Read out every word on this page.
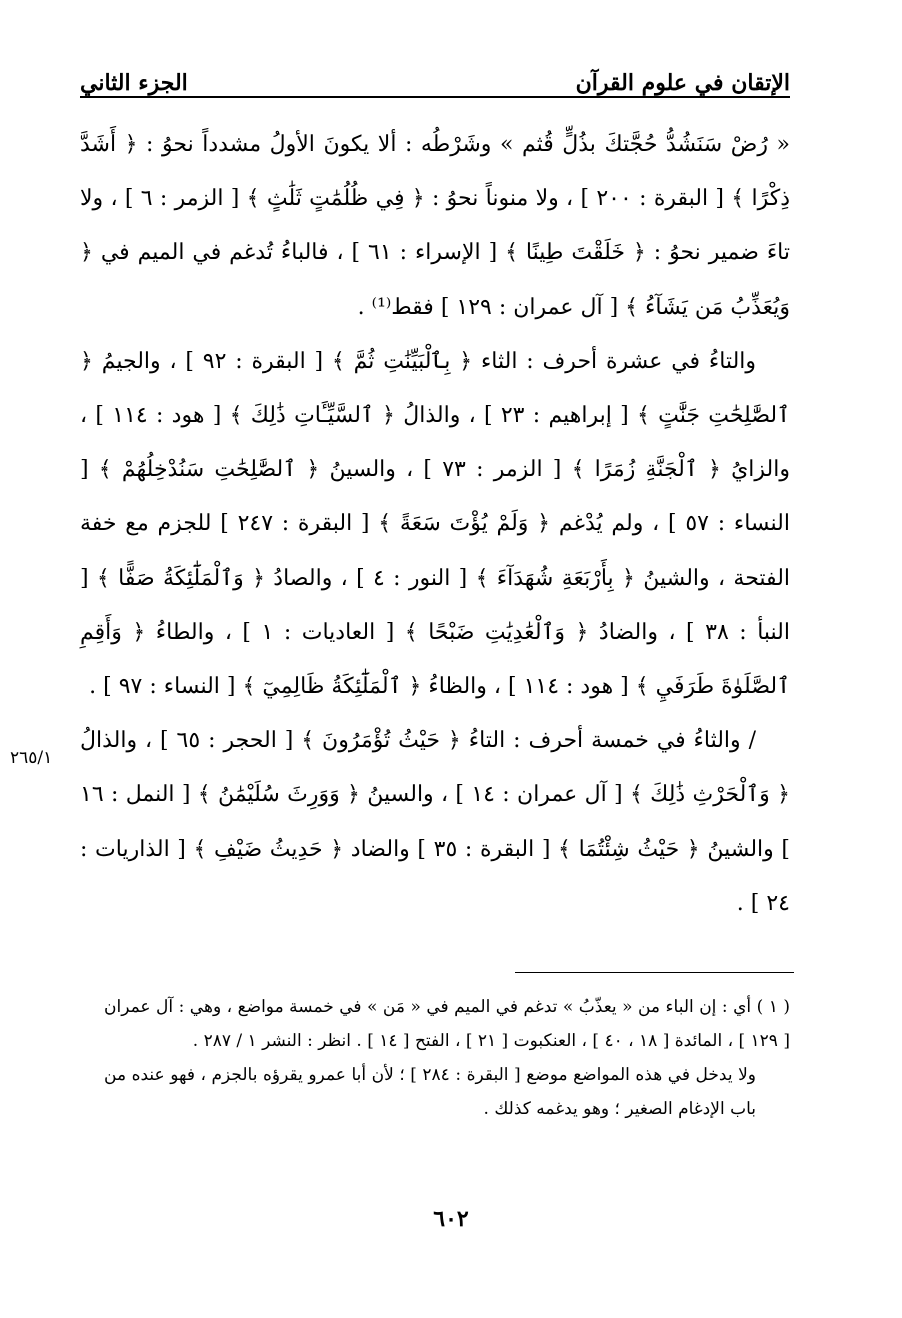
الإتقان في علوم القرآن
الجزء الثاني

« رُضْ سَنَشُدُّ حُجَّتكَ بذُلٍّ قُثم » وشَرْطُه : ألا يكونَ الأولُ مشدداً نحوُ : ﴿ أَشَدَّ ذِكْرًا ﴾ [ البقرة : ٢٠٠ ] ، ولا منوناً نحوُ : ﴿ فِي ظُلُمَٰتٍ ثَلَٰثٍ ﴾ [ الزمر : ٦ ] ، ولا تاءَ ضمير نحوُ : ﴿ خَلَقْتَ طِينًا ﴾ [ الإسراء : ٦١ ] ، فالباءُ تُدغم في الميم في ﴿ وَيُعَذِّبُ مَن يَشَآءُ ﴾ [ آل عمران : ١٢٩ ] فقط⁽¹⁾ .

والتاءُ في عشرة أحرف : الثاء ﴿ بِٱلْبَيِّنَٰتِ ثُمَّ ﴾ [ البقرة : ٩٢ ] ، والجيمُ ﴿ ٱلصَّٰلِحَٰتِ جَنَّٰتٍ ﴾ [ إبراهيم : ٢٣ ] ، والذالُ ﴿ ٱلسَّيِّـَٔاتِ ذَٰلِكَ ﴾ [ هود : ١١٤ ] ، والزايُ ﴿ ٱلْجَنَّةِ زُمَرًا ﴾ [ الزمر : ٧٣ ] ، والسينُ ﴿ ٱلصَّٰلِحَٰتِ سَنُدْخِلُهُمْ ﴾ [ النساء : ٥٧ ] ، ولم يُدْغم ﴿ وَلَمْ يُؤْتَ سَعَةً ﴾ [ البقرة : ٢٤٧ ] للجزم مع خفة الفتحة ، والشينُ ﴿ بِأَرْبَعَةِ شُهَدَآءَ ﴾ [ النور : ٤ ] ، والصادُ ﴿ وَٱلْمَلَٰٓئِكَةُ صَفًّا ﴾ [ النبأ : ٣٨ ] ، والضادُ ﴿ وَٱلْعَٰدِيَٰتِ ضَبْحًا ﴾ [ العاديات : ١ ] ، والطاءُ ﴿ وَأَقِمِ ٱلصَّلَوٰةَ طَرَفَيِ ﴾ [ هود : ١١٤ ] ، والظاءُ ﴿ ٱلْمَلَٰٓئِكَةُ ظَالِمِيٓ ﴾ [ النساء : ٩٧ ] .

/ والثاءُ في خمسة أحرف : التاءُ ﴿ حَيْثُ تُؤْمَرُونَ ﴾ [ الحجر : ٦٥ ] ، والذالُ ﴿ وَٱلْحَرْثِ ذَٰلِكَ ﴾ [ آل عمران : ١٤ ] ، والسينُ ﴿ وَوَرِثَ سُلَيْمَٰنُ ﴾ [ النمل : ١٦ ] والشينُ ﴿ حَيْثُ شِئْتُمَا ﴾ [ البقرة : ٣٥ ] والضاد ﴿ حَدِيثُ ضَيْفِ ﴾ [ الذاريات : ٢٤ ] .

٢٦٥/١

( ١ ) أي : إن الباء من « يعذّبُ » تدغم في الميم في « مَن » في خمسة مواضع ، وهي : آل عمران [ ١٢٩ ] ، المائدة [ ١٨ ، ٤٠ ] ، العنكبوت [ ٢١ ] ، الفتح [ ١٤ ] . انظر : النشر ١ / ٢٨٧ .

ولا يدخل في هذه المواضع موضع [ البقرة : ٢٨٤ ] ؛ لأن أبا عمرو يقرؤه بالجزم ، فهو عنده من باب الإدغام الصغير ؛ وهو يدغمه كذلك .

٦٠٢
